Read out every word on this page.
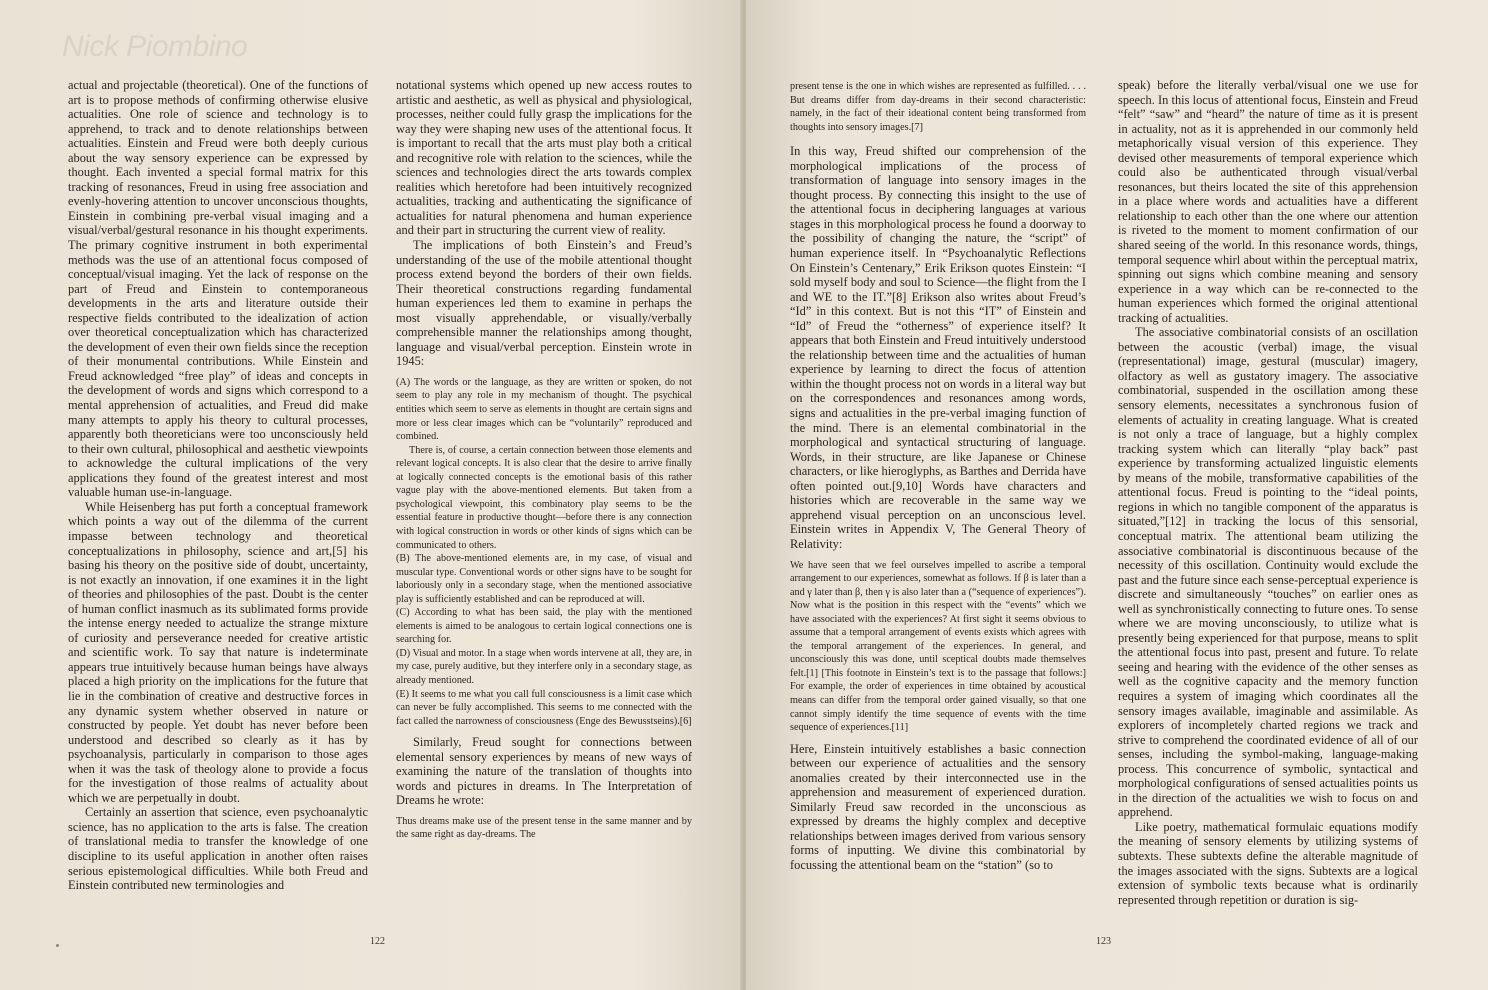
Nick Piombino

actual and projectable (theoretical). One of the functions of art is to propose methods of confirming otherwise elusive actualities. One role of science and technology is to apprehend, to track and to denote relationships between actualities. Einstein and Freud were both deeply curious about the way sensory experience can be expressed by thought. Each invented a special formal matrix for this tracking of resonances, Freud in using free association and evenly-hovering attention to uncover unconscious thoughts, Einstein in combining pre-verbal visual imaging and a visual/verbal/gestural resonance in his thought experiments. The primary cognitive instrument in both experimental methods was the use of an attentional focus composed of conceptual/visual imaging. Yet the lack of response on the part of Freud and Einstein to contemporaneous developments in the arts and literature outside their respective fields contributed to the idealization of action over theoretical conceptualization which has characterized the development of even their own fields since the reception of their monumental contributions. While Einstein and Freud acknowledged “free play” of ideas and concepts in the development of words and signs which correspond to a mental apprehension of actualities, and Freud did make many attempts to apply his theory to cultural processes, apparently both theoreticians were too unconsciously held to their own cultural, philosophical and aesthetic viewpoints to acknowledge the cultural implications of the very applications they found of the greatest interest and most valuable human use-in-language.

While Heisenberg has put forth a conceptual framework which points a way out of the dilemma of the current impasse between technology and theoretical conceptualizations in philosophy, science and art,[5] his basing his theory on the positive side of doubt, uncertainty, is not exactly an innovation, if one examines it in the light of theories and philosophies of the past. Doubt is the center of human conflict inasmuch as its sublimated forms provide the intense energy needed to actualize the strange mixture of curiosity and perseverance needed for creative artistic and scientific work. To say that nature is indeterminate appears true intuitively because human beings have always placed a high priority on the implications for the future that lie in the combination of creative and destructive forces in any dynamic system whether observed in nature or constructed by people. Yet doubt has never before been understood and described so clearly as it has by psychoanalysis, particularly in comparison to those ages when it was the task of theology alone to provide a focus for the investigation of those realms of actuality about which we are perpetually in doubt.

Certainly an assertion that science, even psychoanalytic science, has no application to the arts is false. The creation of translational media to transfer the knowledge of one discipline to its useful application in another often raises serious epistemological difficulties. While both Freud and Einstein contributed new terminologies and

notational systems which opened up new access routes to artistic and aesthetic, as well as physical and physiological, processes, neither could fully grasp the implications for the way they were shaping new uses of the attentional focus. It is important to recall that the arts must play both a critical and recognitive role with relation to the sciences, while the sciences and technologies direct the arts towards complex realities which heretofore had been intuitively recognized actualities, tracking and authenticating the significance of actualities for natural phenomena and human experience and their part in structuring the current view of reality.

The implications of both Einstein’s and Freud’s understanding of the use of the mobile attentional thought process extend beyond the borders of their own fields. Their theoretical constructions regarding fundamental human experiences led them to examine in perhaps the most visually apprehendable, or visually/verbally comprehensible manner the relationships among thought, language and visual/verbal perception. Einstein wrote in 1945:

(A) The words or the language, as they are written or spoken, do not seem to play any role in my mechanism of thought. The psychical entities which seem to serve as elements in thought are certain signs and more or less clear images which can be “voluntarily” reproduced and combined.

There is, of course, a certain connection between those elements and relevant logical concepts. It is also clear that the desire to arrive finally at logically connected concepts is the emotional basis of this rather vague play with the above-mentioned elements. But taken from a psychological viewpoint, this combinatory play seems to be the essential feature in productive thought—before there is any connection with logical construction in words or other kinds of signs which can be communicated to others.

(B) The above-mentioned elements are, in my case, of visual and muscular type. Conventional words or other signs have to be sought for laboriously only in a secondary stage, when the mentioned associative play is sufficiently established and can be reproduced at will.

(C) According to what has been said, the play with the mentioned elements is aimed to be analogous to certain logical connections one is searching for.

(D) Visual and motor. In a stage when words intervene at all, they are, in my case, purely auditive, but they interfere only in a secondary stage, as already mentioned.

(E) It seems to me what you call full consciousness is a limit case which can never be fully accomplished. This seems to me connected with the fact called the narrowness of consciousness (Enge des Bewusstseins).[6]

Similarly, Freud sought for connections between elemental sensory experiences by means of new ways of examining the nature of the translation of thoughts into words and pictures in dreams. In The Interpretation of Dreams he wrote:

Thus dreams make use of the present tense in the same manner and by the same right as day-dreams. The

122

present tense is the one in which wishes are represented as fulfilled. . . . But dreams differ from day-dreams in their second characteristic: namely, in the fact of their ideational content being transformed from thoughts into sensory images.[7]

In this way, Freud shifted our comprehension of the morphological implications of the process of transformation of language into sensory images in the thought process. By connecting this insight to the use of the attentional focus in deciphering languages at various stages in this morphological process he found a doorway to the possibility of changing the nature, the “script” of human experience itself. In “Psychoanalytic Reflections On Einstein’s Centenary,” Erik Erikson quotes Einstein: “I sold myself body and soul to Science—the flight from the I and WE to the IT.”[8] Erikson also writes about Freud’s “Id” in this context. But is not this “IT” of Einstein and “Id” of Freud the “otherness” of experience itself? It appears that both Einstein and Freud intuitively understood the relationship between time and the actualities of human experience by learning to direct the focus of attention within the thought process not on words in a literal way but on the correspondences and resonances among words, signs and actualities in the pre-verbal imaging function of the mind. There is an elemental combinatorial in the morphological and syntactical structuring of language. Words, in their structure, are like Japanese or Chinese characters, or like hieroglyphs, as Barthes and Derrida have often pointed out.[9,10] Words have characters and histories which are recoverable in the same way we apprehend visual perception on an unconscious level. Einstein writes in Appendix V, The General Theory of Relativity:

We have seen that we feel ourselves impelled to ascribe a temporal arrangement to our experiences, somewhat as follows. If β is later than a and γ later than β, then γ is also later than a (“sequence of experiences”). Now what is the position in this respect with the “events” which we have associated with the experiences? At first sight it seems obvious to assume that a temporal arrangement of events exists which agrees with the temporal arrangement of the experiences. In general, and unconsciously this was done, until sceptical doubts made themselves felt.[1] [This footnote in Einstein’s text is to the passage that follows:] For example, the order of experiences in time obtained by acoustical means can differ from the temporal order gained visually, so that one cannot simply identify the time sequence of events with the time sequence of experiences.[11]

Here, Einstein intuitively establishes a basic connection between our experience of actualities and the sensory anomalies created by their interconnected use in the apprehension and measurement of experienced duration. Similarly Freud saw recorded in the unconscious as expressed by dreams the highly complex and deceptive relationships between images derived from various sensory forms of inputting. We divine this combinatorial by focussing the attentional beam on the “station” (so to

speak) before the literally verbal/visual one we use for speech. In this locus of attentional focus, Einstein and Freud “felt” “saw” and “heard” the nature of time as it is present in actuality, not as it is apprehended in our commonly held metaphorically visual version of this experience. They devised other measurements of temporal experience which could also be authenticated through visual/verbal resonances, but theirs located the site of this apprehension in a place where words and actualities have a different relationship to each other than the one where our attention is riveted to the moment to moment confirmation of our shared seeing of the world. In this resonance words, things, temporal sequence whirl about within the perceptual matrix, spinning out signs which combine meaning and sensory experience in a way which can be re-connected to the human experiences which formed the original attentional tracking of actualities.

The associative combinatorial consists of an oscillation between the acoustic (verbal) image, the visual (representational) image, gestural (muscular) imagery, olfactory as well as gustatory imagery. The associative combinatorial, suspended in the oscillation among these sensory elements, necessitates a synchronous fusion of elements of actuality in creating language. What is created is not only a trace of language, but a highly complex tracking system which can literally “play back” past experience by transforming actualized linguistic elements by means of the mobile, transformative capabilities of the attentional focus. Freud is pointing to the “ideal points, regions in which no tangible component of the apparatus is situated,”[12] in tracking the locus of this sensorial, conceptual matrix. The attentional beam utilizing the associative combinatorial is discontinuous because of the necessity of this oscillation. Continuity would exclude the past and the future since each sense-perceptual experience is discrete and simultaneously “touches” on earlier ones as well as synchronistically connecting to future ones. To sense where we are moving unconsciously, to utilize what is presently being experienced for that purpose, means to split the attentional focus into past, present and future. To relate seeing and hearing with the evidence of the other senses as well as the cognitive capacity and the memory function requires a system of imaging which coordinates all the sensory images available, imaginable and assimilable. As explorers of incompletely charted regions we track and strive to comprehend the coordinated evidence of all of our senses, including the symbol-making, language-making process. This concurrence of symbolic, syntactical and morphological configurations of sensed actualities points us in the direction of the actualities we wish to focus on and apprehend.

Like poetry, mathematical formulaic equations modify the meaning of sensory elements by utilizing systems of subtexts. These subtexts define the alterable magnitude of the images associated with the signs. Subtexts are a logical extension of symbolic texts because what is ordinarily represented through repetition or duration is sig-

123
